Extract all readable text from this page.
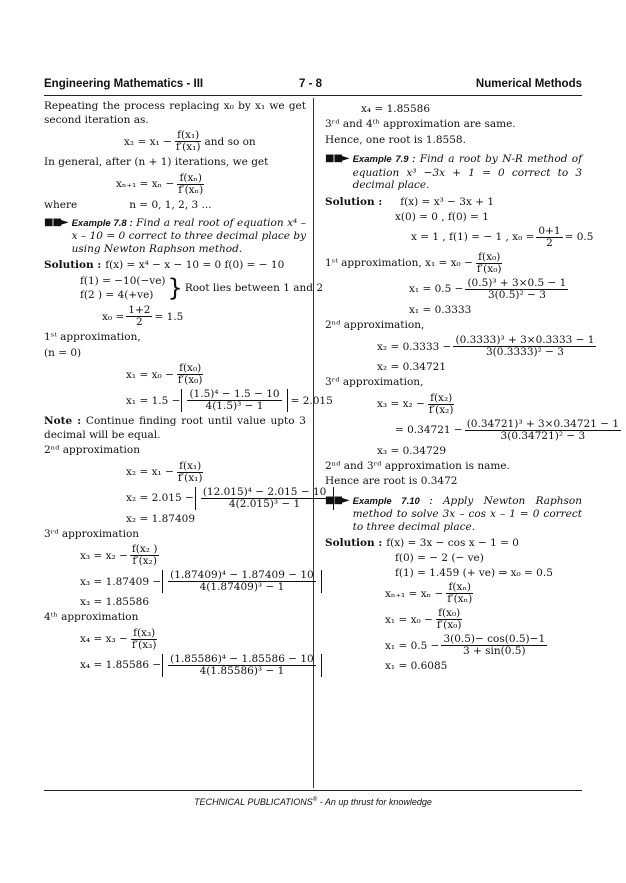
Engineering Mathematics - III	7 - 8	Numerical Methods

Repeating the process replacing x₀ by x₁ we get second iteration as.

$x_2 = x_1 - \frac{\text{f(x₁)}}{\text{f′(x₁)}}$ and so on

In general, after (n + 1) iterations, we get

$x_{n+1} = x_n - \frac{\text{f(xₙ)}}{\text{f′(xₙ)}}$
where	n = 0, 1, 2, 3 ...
■■► Example 7.8 : Find a real root of equation x⁴ – x – 10 = 0 correct to three decimal place by using Newton Raphson method.
Solution : f(x) = x⁴ − x − 10 = 0 f(0) = − 10
f(1) = −10(−ve)
f(2 ) = 4(+ve) } Root lies between 1 and 2
$x_0 = \frac{1+2}{2} = 1.5$

1ˢᵗ approximation,

(n = 0)

$x_1 = x_0 - \frac{\text{f(x₀)}}{\text{f′(x₀)}}$
$x_1 = 1.5 - \frac{\text{(1.5)⁴ − 1.5 − 10}}{\text{4(1.5)³ − 1}} = 2.015$

Note : Continue finding root until value upto 3 decimal will be equal.

2ⁿᵈ approximation

$x_2 = x_1 - \frac{\text{f(x₁)}}{\text{f′(x₁)}}$
$x_2 = 2.015 - \frac{\text{(12.015)⁴ − 2.015 − 10}}{\text{4(2.015)³ − 1}}$
x₂ = 1.87409

3ʳᵈ approximation

$x_3 = x_2 - \frac{\text{f(x₂ )}}{\text{f′(x₂)}}$
$x_3 = 1.87409 - \frac{\text{(1.87409)⁴ − 1.87409 − 10}}{\text{4(1.87409)³ − 1}}$
x₃ = 1.85586

4ᵗʰ approximation

$x_4 = x_3 - \frac{\text{f(x₃)}}{\text{f′(x₃)}}$
$x_4 = 1.85586 - \frac{\text{(1.85586)⁴ − 1.85586 − 10}}{\text{4(1.85586)³ − 1}}$
x₄ = 1.85586

3ʳᵈ and 4ᵗʰ approximation are same.

Hence, one root is 1.8558.

■■► Example 7.9 : Find a root by N-R method of equation x³ −3x + 1 = 0 correct to 3 decimal place.
Solution : f(x) = x³ − 3x + 1
x(0) = 0 , f(0) = 1
x = 1 , f(1) = − 1 , $x_0 = \frac{0+1}{2} = 0.5$
1ˢᵗ approximation, $x_1 = x_0 - \frac{\text{f(x₀)}}{\text{f′(x₀)}}$
$x_1 = 0.5 - \frac{\text{(0.5)³ + 3×0.5 − 1}}{\text{3(0.5)² − 3}}$
x₁ = 0.3333

2ⁿᵈ approximation,

$x_2 = 0.3333 - \frac{\text{(0.3333)³ + 3×0.3333 − 1}}{\text{3(0.3333)² − 3}}$
x₂ = 0.34721

3ʳᵈ approximation,

$x_3 = x_2 - \frac{\text{f(x₂)}}{\text{f′(x₂)}}$
= $0.34721 - \frac{\text{(0.34721)³ + 3×0.34721 − 1}}{\text{3(0.34721)² − 3}}$
x₃ = 0.34729

2ⁿᵈ and 3ʳᵈ approximation is name.

Hence are root is 0.3472

■■► Example 7.10 : Apply Newton Raphson method to solve 3x – cos x – 1 = 0 correct to three decimal place.
Solution : f(x) = 3x − cos x − 1 = 0
f(0) = − 2 (− ve)
f(1) = 1.459 (+ ve) ⇒ x₀ = 0.5
$x_{n+1} = x_n - \frac{\text{f(xₙ)}}{\text{f′(xₙ)}}$
$x_1 = x_0 - \frac{\text{f(x₀)}}{\text{f′(x₀)}}$
$x_1 = 0.5 - \frac{3(0.5)- \cos(0.5)-1}{3 + \sin(0.5)}$
x₁ = 0.6085
TECHNICAL PUBLICATIONS® - An up thrust for knowledge
